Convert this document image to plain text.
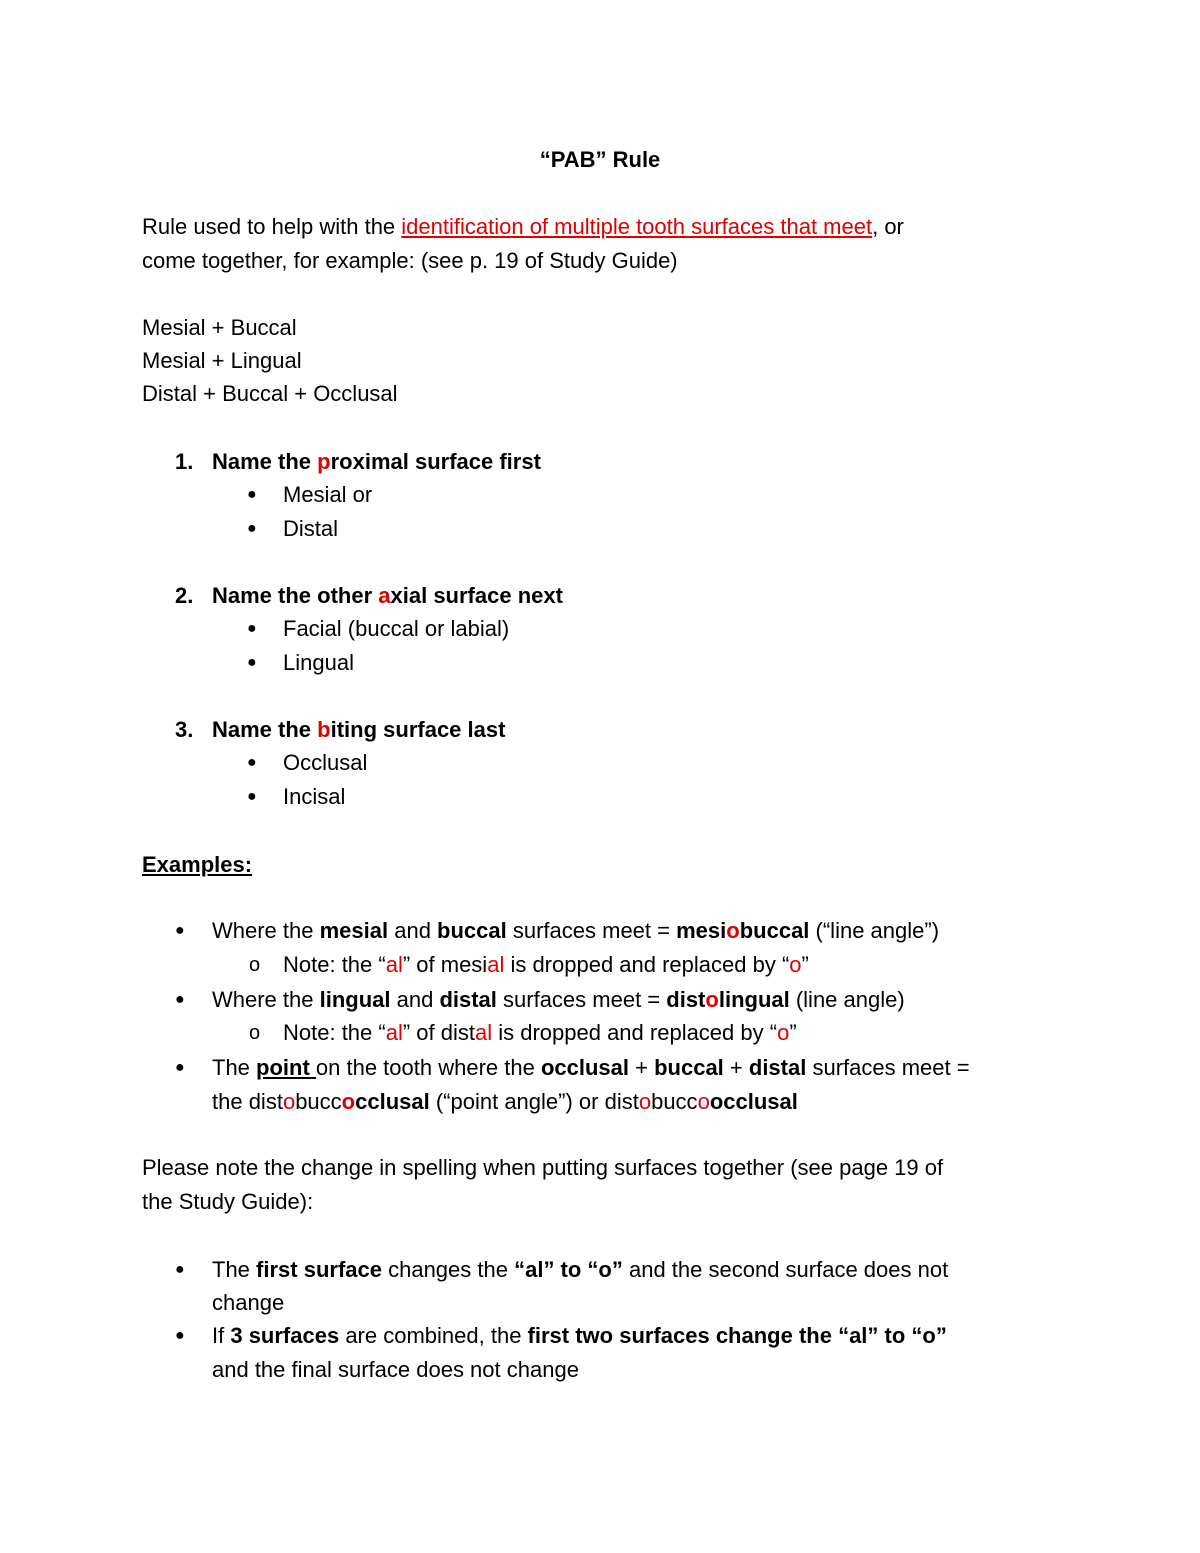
“PAB” Rule
Rule used to help with the identification of multiple tooth surfaces that meet, or
come together, for example: (see p. 19 of Study Guide)
Mesial + Buccal
Mesial + Lingual
Distal + Buccal + Occlusal
1. Name the proximal surface first
● Mesial or
● Distal
2. Name the other axial surface next
● Facial (buccal or labial)
● Lingual
3. Name the biting surface last
● Occlusal
● Incisal
Examples:
● Where the mesial and buccal surfaces meet = mesiobuccal (“line angle”)
o Note: the “al” of mesial is dropped and replaced by “o”
● Where the lingual and distal surfaces meet = distolingual (line angle)
o Note: the “al” of distal is dropped and replaced by “o”
● The point on the tooth where the occlusal + buccal + distal surfaces meet =
the distobuccocclusal (“point angle”) or distobuccoocclusal
Please note the change in spelling when putting surfaces together (see page 19 of
the Study Guide):
● The first surface changes the “al” to “o” and the second surface does not
change
● If 3 surfaces are combined, the first two surfaces change the “al” to “o”
and the final surface does not change
